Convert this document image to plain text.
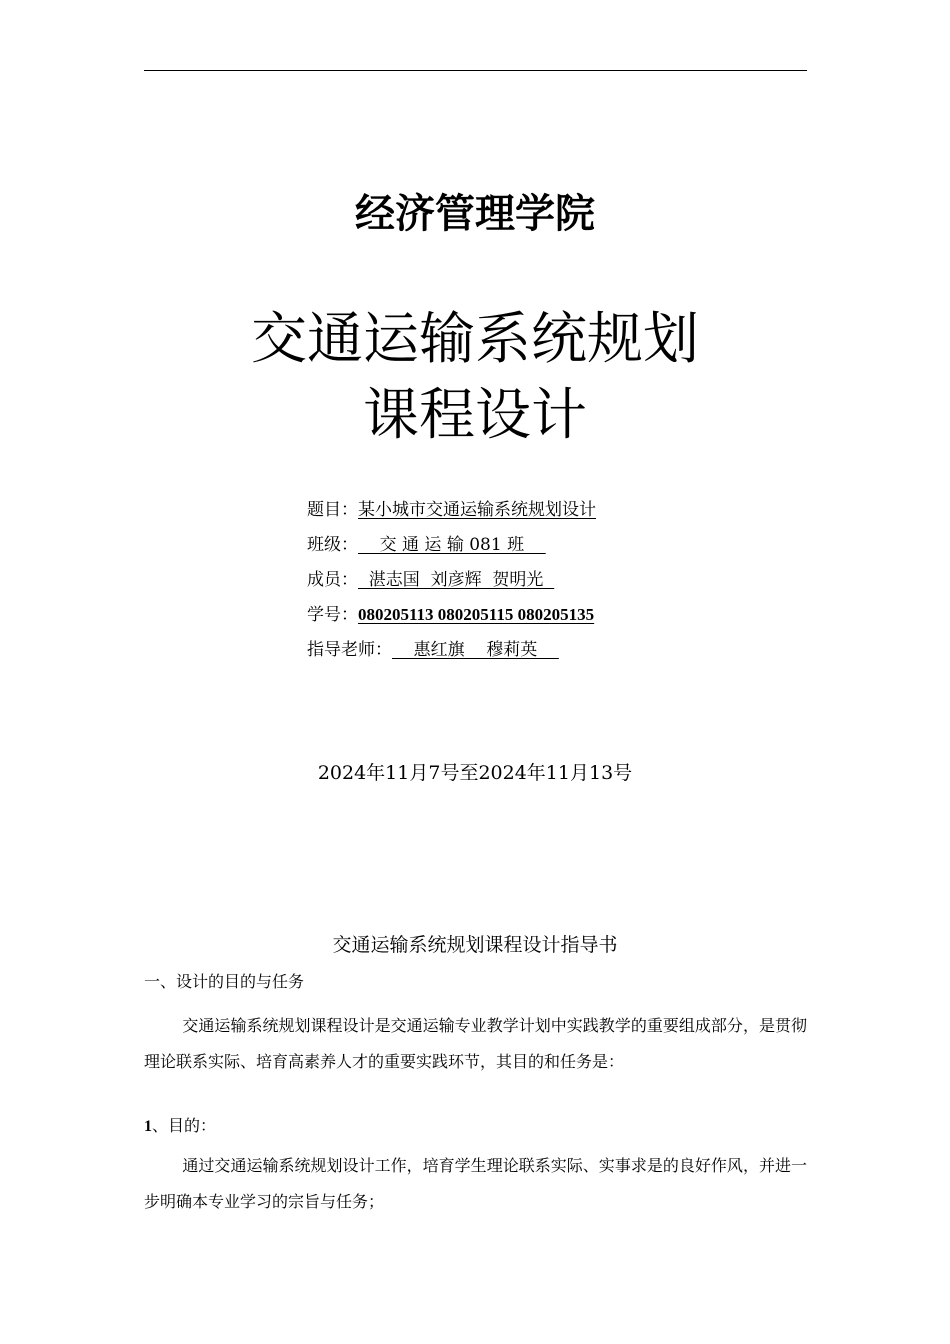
经济管理学院
交通运输系统规划
课程设计
题目：某小城市交通运输系统规划设计
班级：    交 通 运 输 081 班
成员：  湛志国  刘彦辉  贺明光
学号：080205113 080205115 080205135
指导老师：    惠红旗    穆莉英
2024年11月7号至2024年11月13号
交通运输系统规划课程设计指导书
一、设计的目的与任务
交通运输系统规划课程设计是交通运输专业教学计划中实践教学的重要组成部分，是贯彻理论联系实际、培育高素养人才的重要实践环节，其目的和任务是：
1、目的：
通过交通运输系统规划设计工作，培育学生理论联系实际、实事求是的良好作风，并进一步明确本专业学习的宗旨与任务；
